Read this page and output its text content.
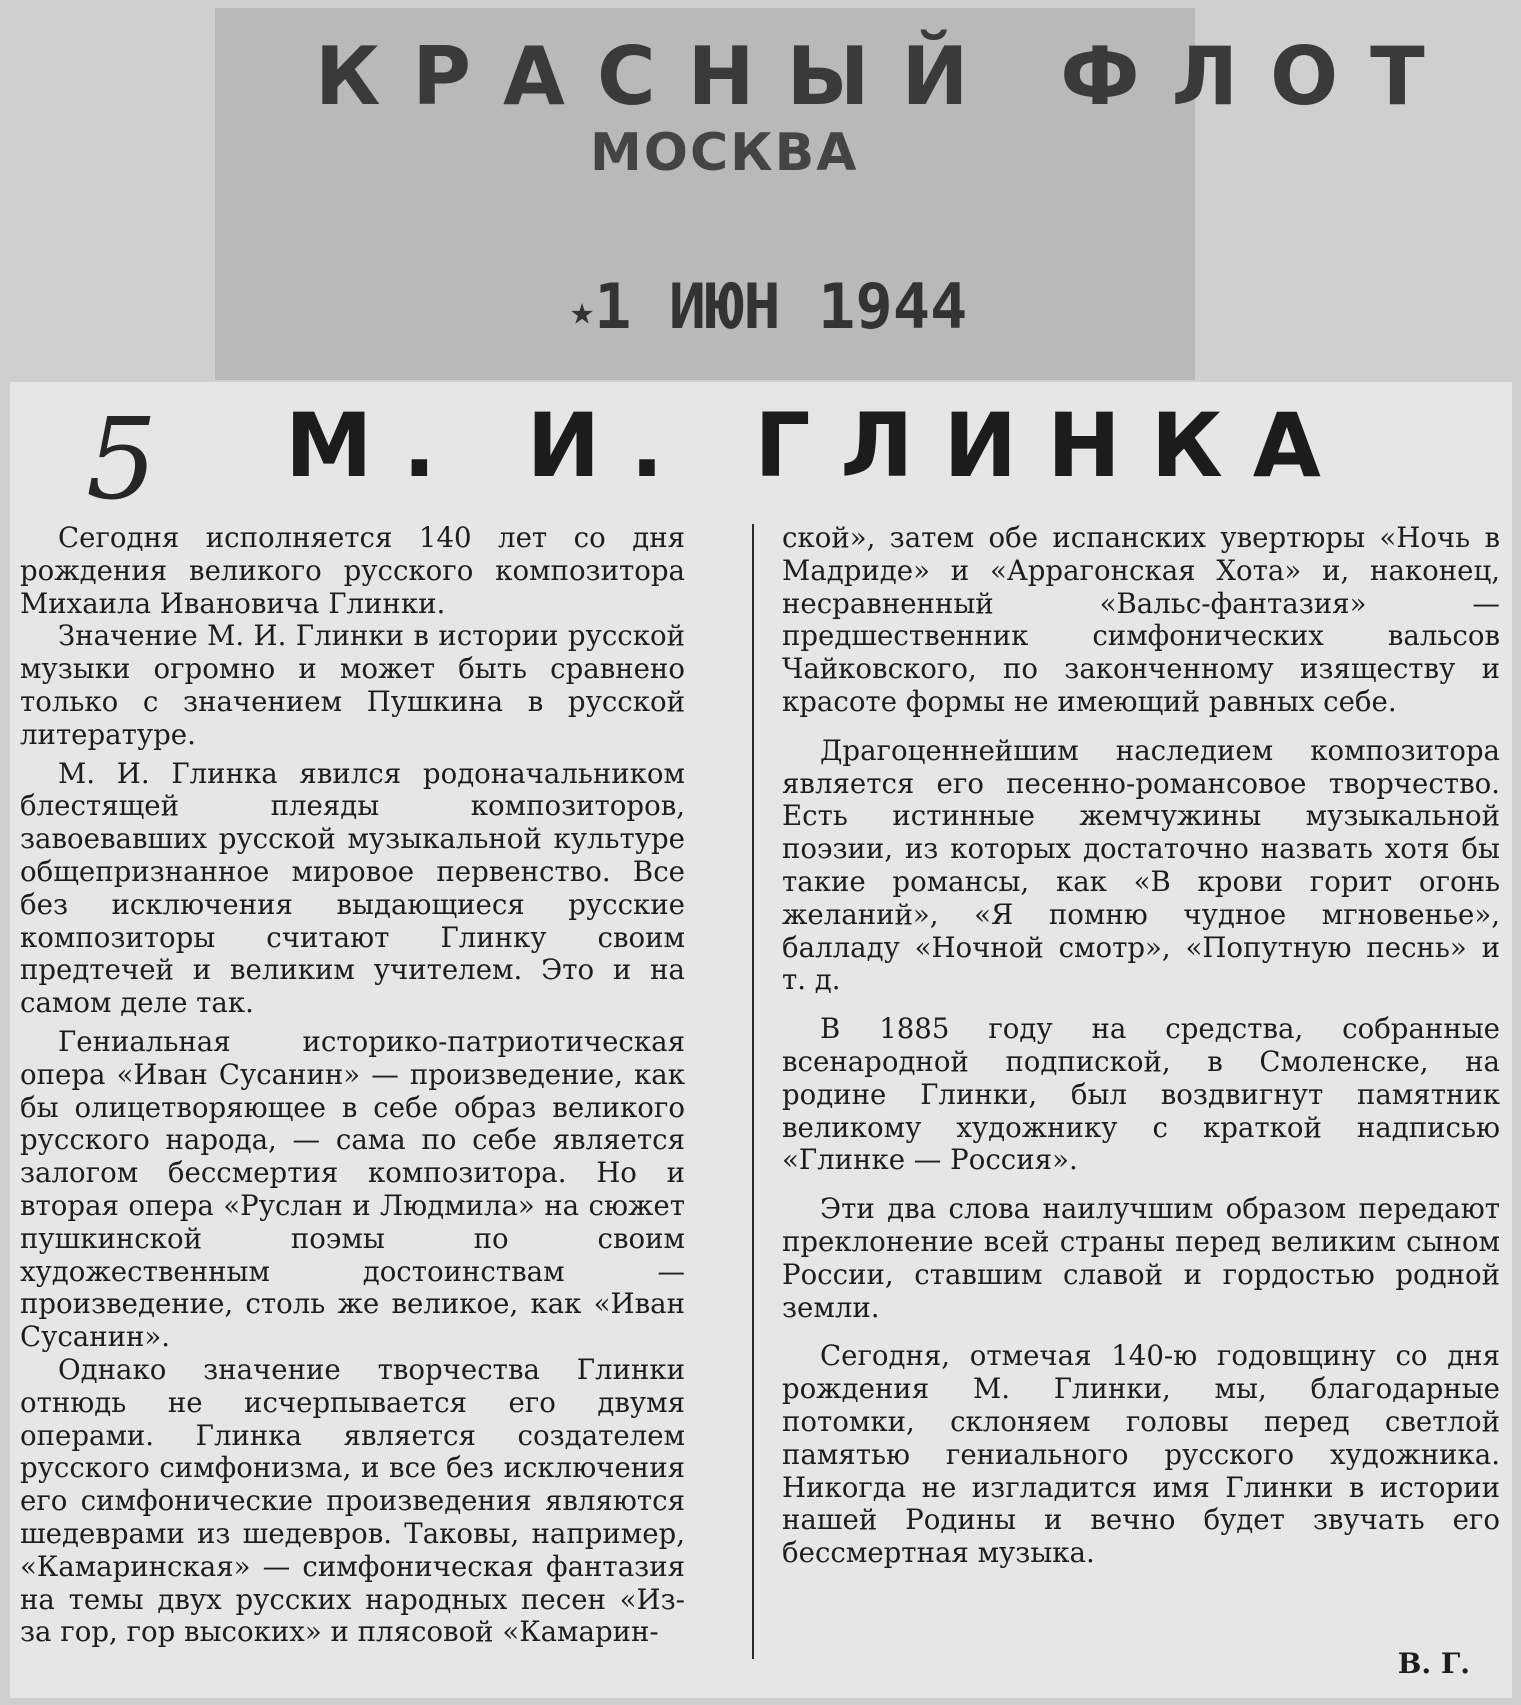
КРАСНЫЙ ФЛОТ
МОСКВА
★1 ИЮН 1944
5 М. И. ГЛИНКА

Сегодня исполняется 140 лет со дня рождения великого русского композитора Михаила Ивановича Глинки.

Значение М. И. Глинки в истории русской музыки огромно и может быть сравнено только с значением Пушкина в русской литературе.

М. И. Глинка явился родоначальником блестящей плеяды композиторов, завоевавших русской музыкальной культуре общепризнанное мировое первенство. Все без исключения выдающиеся русские композиторы считают Глинку своим предтечей и великим учителем. Это и на самом деле так.

Гениальная историко-патриотическая опера «Иван Сусанин» — произведение, как бы олицетворяющее в себе образ великого русского народа, — сама по себе является залогом бессмертия композитора. Но и вторая опера «Руслан и Людмила» на сюжет пушкинской поэмы по своим художественным достоинствам — произведение, столь же великое, как «Иван Сусанин».

Однако значение творчества Глинки отнюдь не исчерпывается его двумя операми. Глинка является создателем русского симфонизма, и все без исключения его симфонические произведения являются шедеврами из шедевров. Таковы, например, «Камаринская» — симфоническая фантазия на темы двух русских народных песен «Из-за гор, гор высоких» и плясовой «Камарин-

ской», затем обе испанских увертюры «Ночь в Мадриде» и «Аррагонская Хота» и, наконец, несравненный «Вальс-фантазия» — предшественник симфонических вальсов Чайковского, по законченному изяществу и красоте формы не имеющий равных себе.

Драгоценнейшим наследием композитора является его песенно-романсовое творчество. Есть истинные жемчужины музыкальной поэзии, из которых достаточно назвать хотя бы такие романсы, как «В крови горит огонь желаний», «Я помню чудное мгновенье», балладу «Ночной смотр», «Попутную песнь» и т. д.

В 1885 году на средства, собранные всенародной подпиской, в Смоленске, на родине Глинки, был воздвигнут памятник великому художнику с краткой надписью «Глинке — Россия».

Эти два слова наилучшим образом передают преклонение всей страны перед великим сыном России, ставшим славой и гордостью родной земли.

Сегодня, отмечая 140-ю годовщину со дня рождения М. Глинки, мы, благодарные потомки, склоняем головы перед светлой памятью гениального русского художника. Никогда не изгладится имя Глинки в истории нашей Родины и вечно будет звучать его бессмертная музыка.

В. Г.
